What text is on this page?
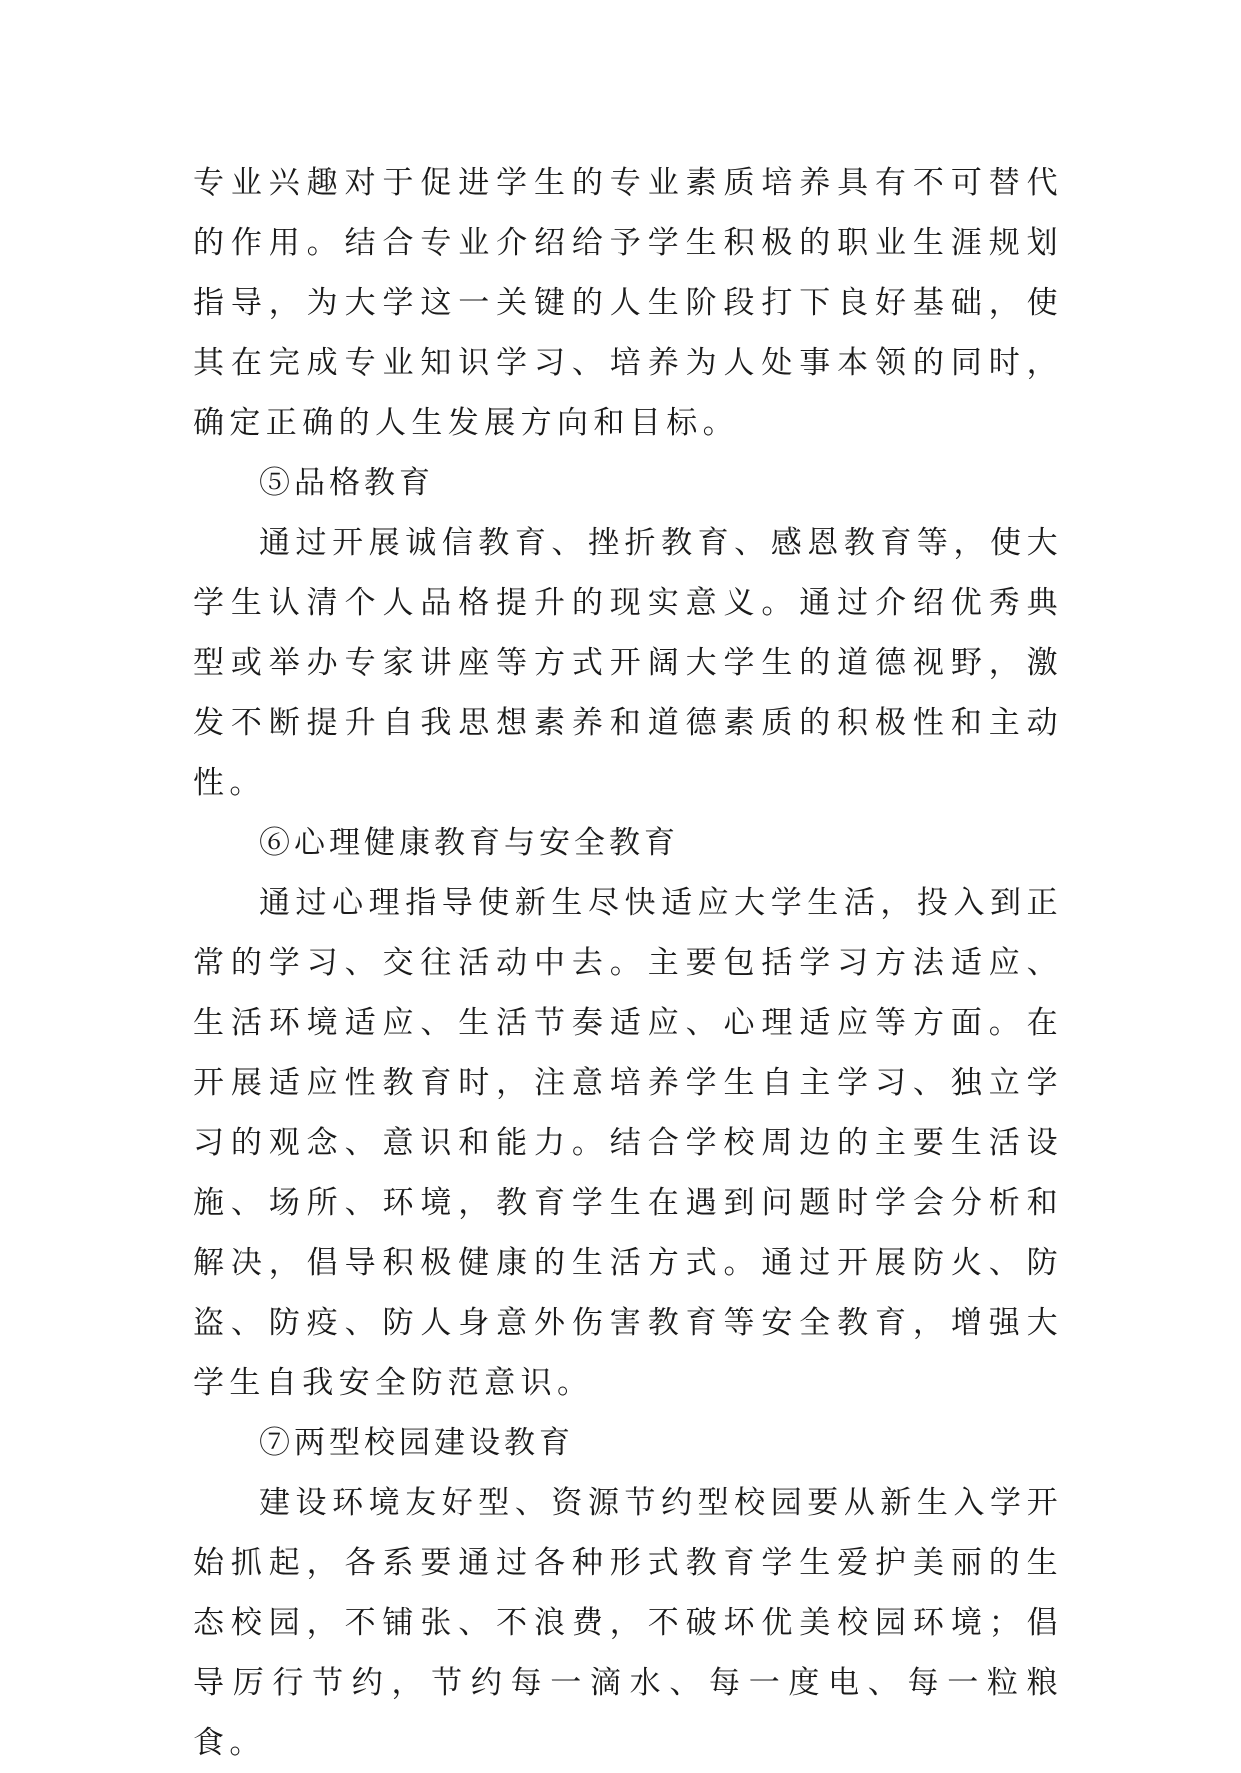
专业兴趣对于促进学生的专业素质培养具有不可替代的作用。结合专业介绍给予学生积极的职业生涯规划指导，为大学这一关键的人生阶段打下良好基础，使其在完成专业知识学习、培养为人处事本领的同时，确定正确的人生发展方向和目标。

⑤品格教育

通过开展诚信教育、挫折教育、感恩教育等，使大学生认清个人品格提升的现实意义。通过介绍优秀典型或举办专家讲座等方式开阔大学生的道德视野，激发不断提升自我思想素养和道德素质的积极性和主动性。

⑥心理健康教育与安全教育

通过心理指导使新生尽快适应大学生活，投入到正常的学习、交往活动中去。主要包括学习方法适应、生活环境适应、生活节奏适应、心理适应等方面。在开展适应性教育时，注意培养学生自主学习、独立学习的观念、意识和能力。结合学校周边的主要生活设施、场所、环境，教育学生在遇到问题时学会分析和解决，倡导积极健康的生活方式。通过开展防火、防盗、防疫、防人身意外伤害教育等安全教育，增强大学生自我安全防范意识。

⑦两型校园建设教育

建设环境友好型、资源节约型校园要从新生入学开始抓起，各系要通过各种形式教育学生爱护美丽的生态校园，不铺张、不浪费，不破坏优美校园环境；倡导厉行节约，节约每一滴水、每一度电、每一粒粮食。
